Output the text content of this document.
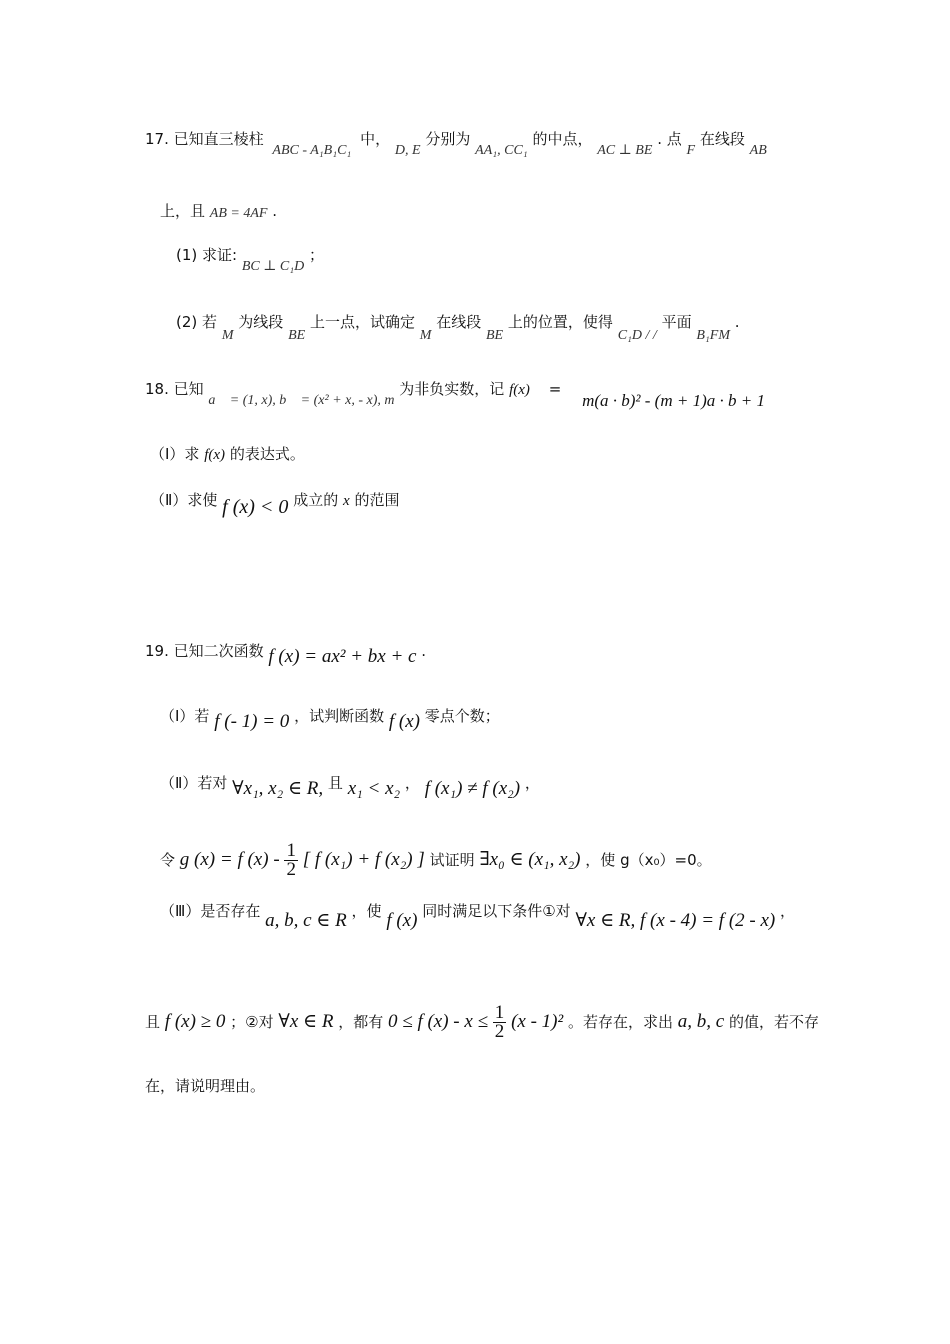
17. 已知直三棱柱 ABC - A₁B₁C₁ 中， D, E 分别为 AA₁, CC₁ 的中点， AC ⊥ BE . 点 F 在线段 AB
上，且 AB = 4AF .
(1) 求证: BC ⊥ C₁D ；
(2) 若 M 为线段 BE 上一点，试确定 M 在线段 BE 上的位置，使得 C₁D / / 平面 B₁FM .
18. 已知 a⃗ = (1, x), b⃗ = (x² + x, - x), m 为非负实数，记 f(x) = m(a · b)² - (m + 1)a · b + 1
（Ⅰ）求 f(x) 的表达式。
（Ⅱ）求使 f (x) < 0 成立的 x 的范围
19. 已知二次函数 f (x) = ax² + bx + c .
（Ⅰ）若 f (- 1) = 0 ，试判断函数 f (x) 零点个数；
（Ⅱ）若对 ∀x₁, x₂ ∈ R, 且 x₁ < x₂ ， f (x₁) ≠ f (x₂) ，
令 g (x) = f $(x) - \frac{1}{2}$ [ f (x₁) + f (x₂) ] 试证明 ∃x₀ ∈ (x₁, x₂) ，使 g（x₀）=0。
（Ⅲ）是否存在 a, b, c ∈ R ，使 f (x) 同时满足以下条件①对 ∀x ∈ R, f (x - 4) = f (2 - x) ，
且 f (x) ≥ 0 ；②对 ∀x ∈ R ，都有 0 ≤ f $(x) - x \le \frac{1}{2} (x - 1)^2$ 。若存在，求出 a, b, c 的值，若不存
在，请说明理由。
